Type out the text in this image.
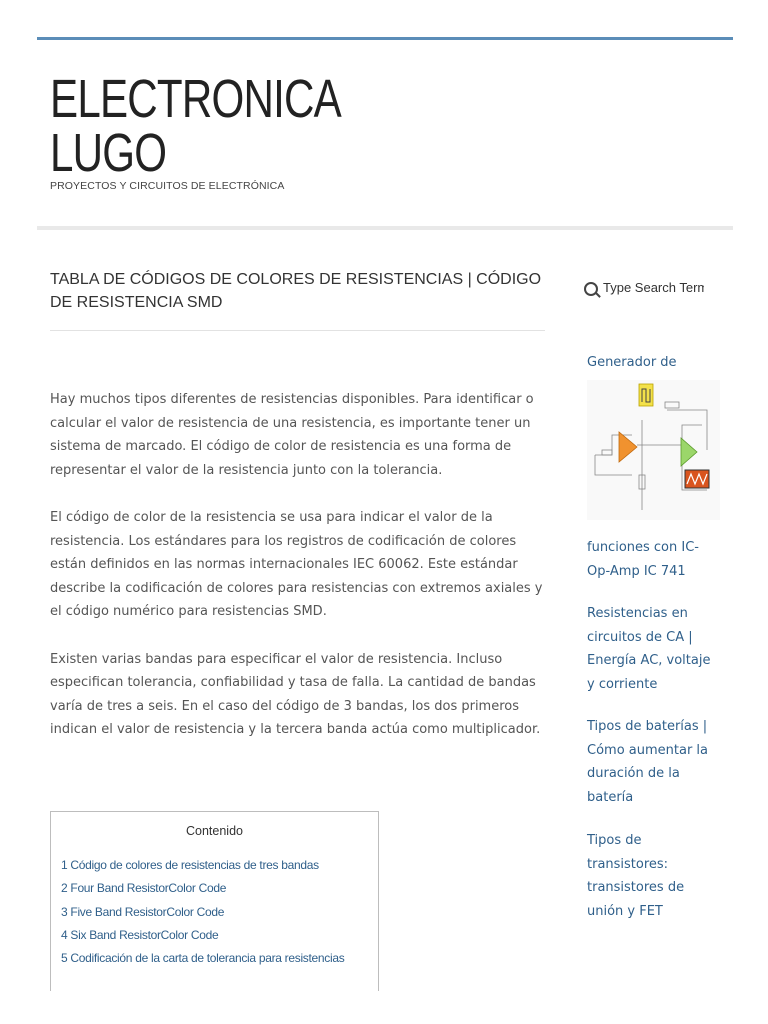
ELECTRONICA
LUGO
PROYECTOS Y CIRCUITOS DE ELECTRÓNICA
TABLA DE CÓDIGOS DE COLORES DE RESISTENCIAS | CÓDIGO DE RESISTENCIA SMD

Hay muchos tipos diferentes de resistencias disponibles. Para identificar o calcular el valor de resistencia de una resistencia, es importante tener un sistema de marcado. El código de color de resistencia es una forma de representar el valor de la resistencia junto con la tolerancia.

El código de color de la resistencia se usa para indicar el valor de la resistencia. Los estándares para los registros de codificación de colores están definidos en las normas internacionales IEC 60062. Este estándar describe la codificación de colores para resistencias con extremos axiales y el código numérico para resistencias SMD.

Existen varias bandas para especificar el valor de resistencia. Incluso especifican tolerancia, confiabilidad y tasa de falla. La cantidad de bandas varía de tres a seis. En el caso del código de 3 bandas, los dos primeros indican el valor de resistencia y la tercera banda actúa como multiplicador.

Contenido
1 Código de colores de resistencias de tres bandas
2 Four Band ResistorColor Code
3 Five Band ResistorColor Code
4 Six Band ResistorColor Code
5 Codificación de la carta de tolerancia para resistencias
Type Search Term ...
Generador de
funciones con IC-Op-Amp IC 741
Resistencias en circuitos de CA | Energía AC, voltaje y corriente
Tipos de baterías | Cómo aumentar la duración de la batería
Tipos de transistores: transistores de unión y FET
